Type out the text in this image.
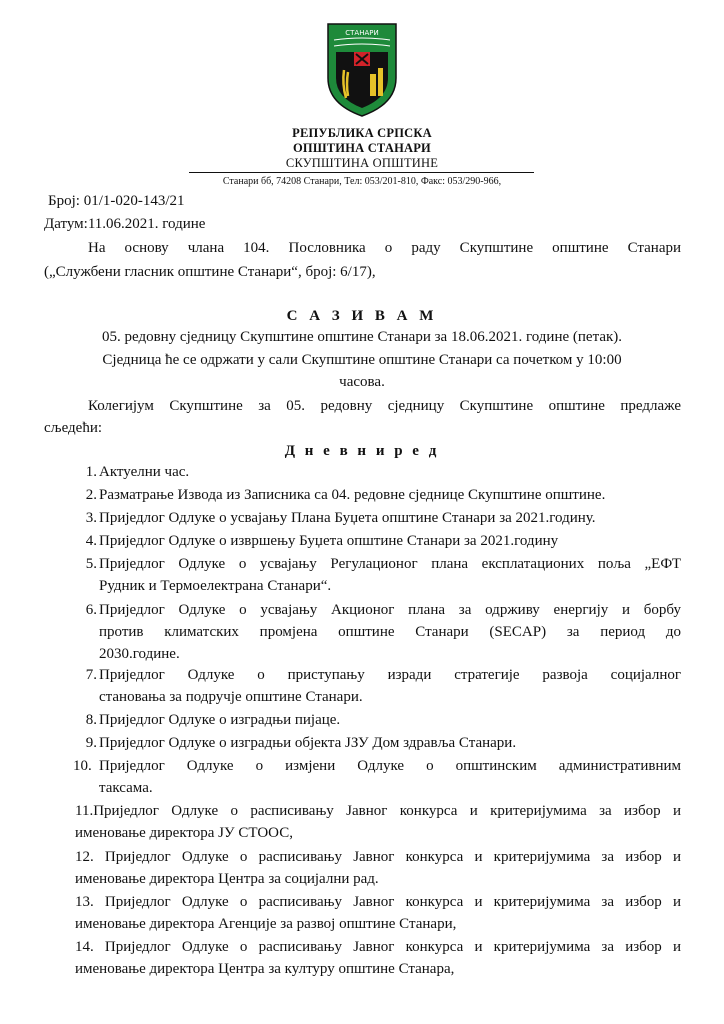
СТАНАРИ
РЕПУБЛИКА СРПСКА
ОПШТИНА СТАНАРИ
СКУПШТИНА ОПШТИНЕ
Станари бб, 74208 Станари, Тел: 053/201-810, Факс: 053/290-966,
Број: 01/1-020-143/21
Датум:11.06.2021. године
На основу члана 104. Пословника о раду Скупштине општине Станари
(„Службени гласник општине Станари“, број: 6/17),
С А З И В А М
05. редовну сједницу Скупштине општине Станари за 18.06.2021. године (петак).
Сједница ће се одржати у сали Скупштине општине Станари са почетком у 10:00
часова.
Колегијум Скупштине за 05. редовну сједницу Скупштине општине предлаже
сљедећи:
Д н е в н и р е д
1. Актуелни час.
2. Разматрање Извода из Записника са 04. редовне сједнице Скупштине општине.
3. Приједлог Одлуке о усвајању Плана Буџета општине Станари за 2021.годину.
4. Приједлог Одлуке о извршењу Буџета општине Станари за 2021.годину
5. Приједлог Одлуке о усвајању Регулационог плана експлатационих поља „ЕФТ
Рудник и Термоелектрана Станари“.
6. Приједлог Одлуке о усвајању Акционог плана за одрживу енергију и борбу
против климатских промјена општине Станари (SECAP) за период до
2030.године.
7. Приједлог Одлуке о приступању изради стратегије развоја социјалног
становања за подручје општине Станари.
8. Приједлог Одлуке о изградњи пијаце.
9. Приједлог Одлуке о изградњи објекта ЈЗУ Дом здравља Станари.
10. Приједлог Одлуке о измјени Одлуке о општинским административним
таксама.
11.Приједлог Одлуке о расписивању Јавног конкурса и критеријумима за избор и
именовање директора ЈУ СТООС,
12. Приједлог Одлуке о расписивању Јавног конкурса и критеријумима за избор и
именовање директора Центра за социјални рад.
13. Приједлог Одлуке о расписивању Јавног конкурса и критеријумима за избор и
именовање директора Агенције за развој општине Станари,
14. Приједлог Одлуке о расписивању Јавног конкурса и критеријумима за избор и
именовање директора Центра за културу општине Станара,
